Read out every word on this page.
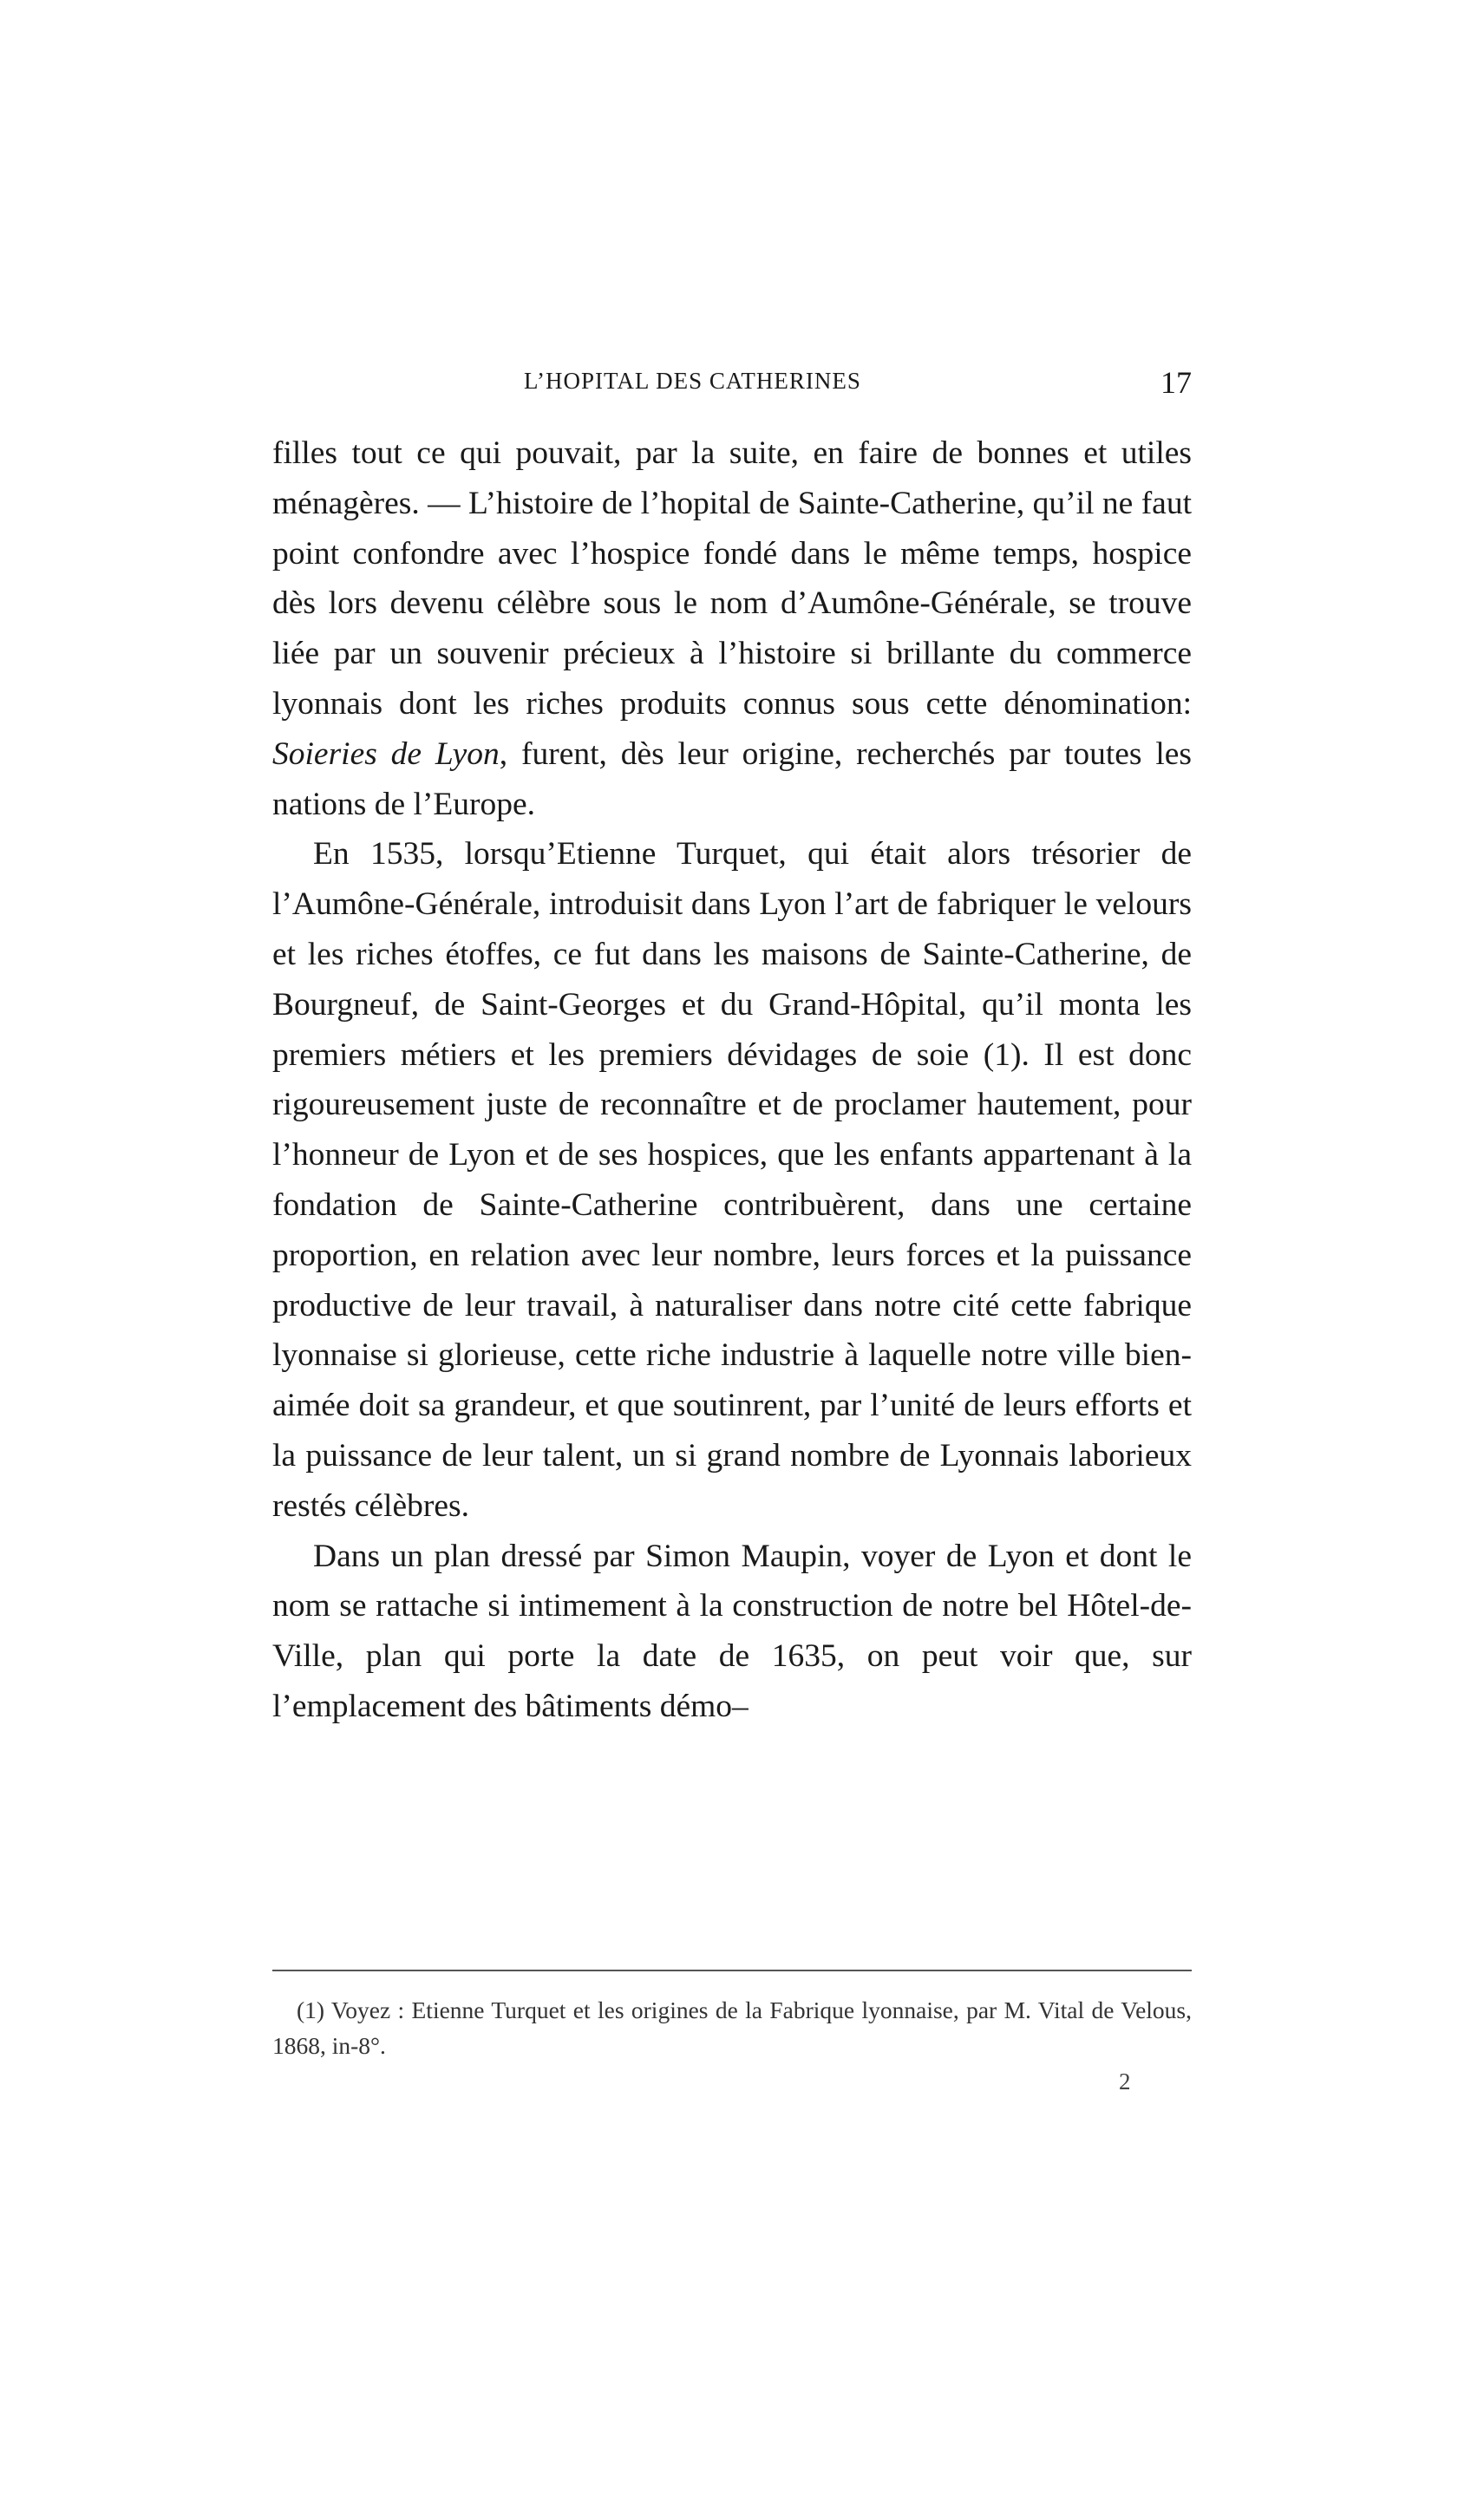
L’HOPITAL DES CATHERINES	17

filles tout ce qui pouvait, par la suite, en faire de bonnes et utiles ménagères. — L’histoire de l’hopital de Sainte-Catherine, qu’il ne faut point confondre avec l’hospice fondé dans le même temps, hospice dès lors devenu célèbre sous le nom d’Aumône-Générale, se trouve liée par un souvenir précieux à l’histoire si brillante du commerce lyonnais dont les riches produits connus sous cette dénomination: Soieries de Lyon, furent, dès leur origine, recherchés par toutes les nations de l’Europe.

En 1535, lorsqu’Etienne Turquet, qui était alors trésorier de l’Aumône-Générale, introduisit dans Lyon l’art de fabriquer le velours et les riches étoffes, ce fut dans les maisons de Sainte-Catherine, de Bourgneuf, de Saint-Georges et du Grand-Hôpital, qu’il monta les premiers métiers et les premiers dévidages de soie (1). Il est donc rigoureusement juste de reconnaître et de proclamer hautement, pour l’honneur de Lyon et de ses hospices, que les enfants appartenant à la fondation de Sainte-Catherine contribuèrent, dans une certaine proportion, en relation avec leur nombre, leurs forces et la puissance productive de leur travail, à naturaliser dans notre cité cette fabrique lyonnaise si glorieuse, cette riche industrie à laquelle notre ville bien-aimée doit sa grandeur, et que soutinrent, par l’unité de leurs efforts et la puissance de leur talent, un si grand nombre de Lyonnais laborieux restés célèbres.

Dans un plan dressé par Simon Maupin, voyer de Lyon et dont le nom se rattache si intimement à la construction de notre bel Hôtel-de-Ville, plan qui porte la date de 1635, on peut voir que, sur l’emplacement des bâtiments démo–

(1) Voyez : Etienne Turquet et les origines de la Fabrique lyonnaise, par M. Vital de Velous, 1868, in-8°.

2
